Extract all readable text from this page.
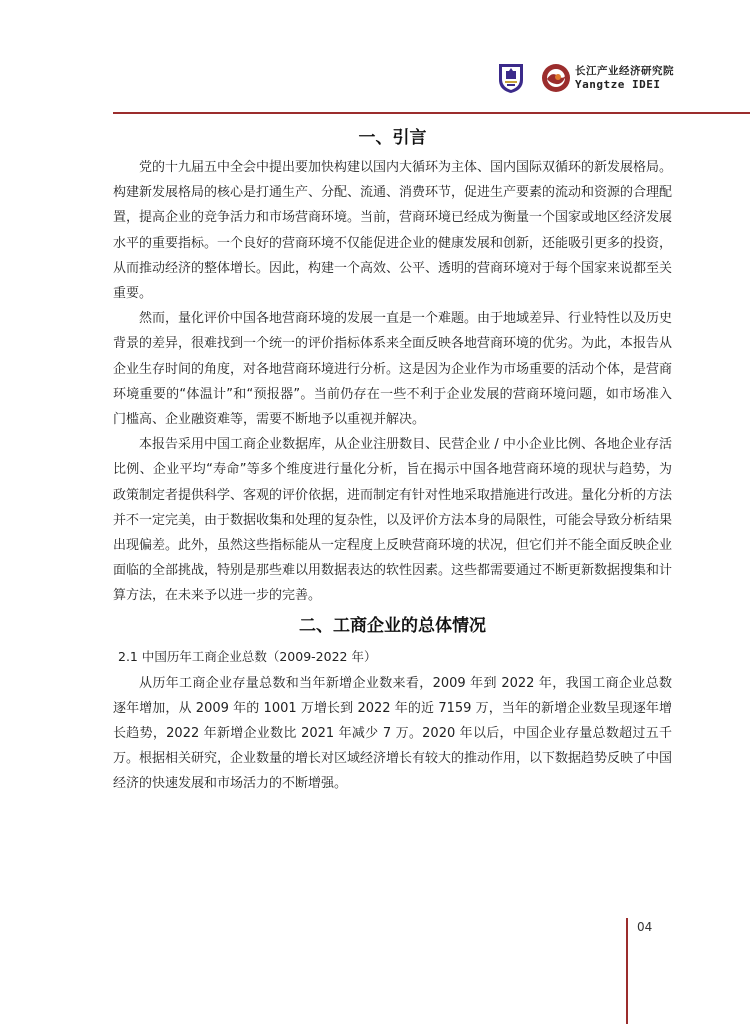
长江产业经济研究院
Yangtze IDEI
一、引言

党的十九届五中全会中提出要加快构建以国内大循环为主体、国内国际双循环的新发展格局。构建新发展格局的核心是打通生产、分配、流通、消费环节，促进生产要素的流动和资源的合理配置，提高企业的竞争活力和市场营商环境。当前，营商环境已经成为衡量一个国家或地区经济发展水平的重要指标。一个良好的营商环境不仅能促进企业的健康发展和创新，还能吸引更多的投资，从而推动经济的整体增长。因此，构建一个高效、公平、透明的营商环境对于每个国家来说都至关重要。

然而，量化评价中国各地营商环境的发展一直是一个难题。由于地域差异、行业特性以及历史背景的差异，很难找到一个统一的评价指标体系来全面反映各地营商环境的优劣。为此，本报告从企业生存时间的角度，对各地营商环境进行分析。这是因为企业作为市场重要的活动个体，是营商环境重要的“体温计”和“预报器”。当前仍存在一些不利于企业发展的营商环境问题，如市场准入门槛高、企业融资难等，需要不断地予以重视并解决。

本报告采用中国工商企业数据库，从企业注册数目、民营企业 / 中小企业比例、各地企业存活比例、企业平均“寿命”等多个维度进行量化分析，旨在揭示中国各地营商环境的现状与趋势，为政策制定者提供科学、客观的评价依据，进而制定有针对性地采取措施进行改进。量化分析的方法并不一定完美，由于数据收集和处理的复杂性，以及评价方法本身的局限性，可能会导致分析结果出现偏差。此外，虽然这些指标能从一定程度上反映营商环境的状况，但它们并不能全面反映企业面临的全部挑战，特别是那些难以用数据表达的软性因素。这些都需要通过不断更新数据搜集和计算方法，在未来予以进一步的完善。

二、工商企业的总体情况

2.1 中国历年工商企业总数（2009-2022 年）

从历年工商企业存量总数和当年新增企业数来看，2009 年到 2022 年，我国工商企业总数逐年增加，从 2009 年的 1001 万增长到 2022 年的近 7159 万，当年的新增企业数呈现逐年增长趋势，2022 年新增企业数比 2021 年减少 7 万。2020 年以后，中国企业存量总数超过五千万。根据相关研究，企业数量的增长对区域经济增长有较大的推动作用，以下数据趋势反映了中国经济的快速发展和市场活力的不断增强。

04
